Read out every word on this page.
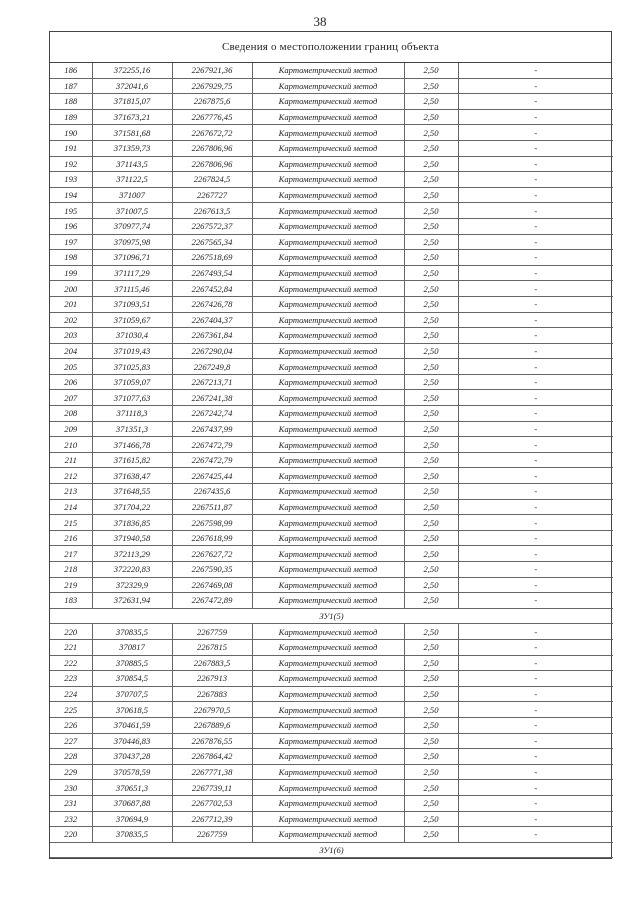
38
Сведения о местоположении границ объекта
186	372255,16	2267921,36	Картометрический метод	2,50	-
187	372041,6	2267929,75	Картометрический метод	2,50	-
188	371815,07	2267875,6	Картометрический метод	2,50	-
189	371673,21	2267776,45	Картометрический метод	2,50	-
190	371581,68	2267672,72	Картометрический метод	2,50	-
191	371359,73	2267806,96	Картометрический метод	2,50	-
192	371143,5	2267806,96	Картометрический метод	2,50	-
193	371122,5	2267824,5	Картометрический метод	2,50	-
194	371007	2267727	Картометрический метод	2,50	-
195	371007,5	2267613,5	Картометрический метод	2,50	-
196	370977,74	2267572,37	Картометрический метод	2,50	-
197	370975,98	2267565,34	Картометрический метод	2,50	-
198	371096,71	2267518,69	Картометрический метод	2,50	-
199	371117,29	2267493,54	Картометрический метод	2,50	-
200	371115,46	2267452,84	Картометрический метод	2,50	-
201	371093,51	2267426,78	Картометрический метод	2,50	-
202	371059,67	2267404,37	Картометрический метод	2,50	-
203	371030,4	2267361,84	Картометрический метод	2,50	-
204	371019,43	2267290,04	Картометрический метод	2,50	-
205	371025,83	2267249,8	Картометрический метод	2,50	-
206	371059,07	2267213,71	Картометрический метод	2,50	-
207	371077,63	2267241,38	Картометрический метод	2,50	-
208	371118,3	2267242,74	Картометрический метод	2,50	-
209	371351,3	2267437,99	Картометрический метод	2,50	-
210	371466,78	2267472,79	Картометрический метод	2,50	-
211	371615,82	2267472,79	Картометрический метод	2,50	-
212	371638,47	2267425,44	Картометрический метод	2,50	-
213	371648,55	2267435,6	Картометрический метод	2,50	-
214	371704,22	2267511,87	Картометрический метод	2,50	-
215	371836,85	2267598,99	Картометрический метод	2,50	-
216	371940,58	2267618,99	Картометрический метод	2,50	-
217	372113,29	2267627,72	Картометрический метод	2,50	-
218	372220,83	2267590,35	Картометрический метод	2,50	-
219	372329,9	2267469,08	Картометрический метод	2,50	-
183	372631,94	2267472,89	Картометрический метод	2,50	-
ЗУ1(5)					
220	370835,5	2267759	Картометрический метод	2,50	-
221	370817	2267815	Картометрический метод	2,50	-
222	370885,5	2267883,5	Картометрический метод	2,50	-
223	370854,5	2267913	Картометрический метод	2,50	-
224	370707,5	2267883	Картометрический метод	2,50	-
225	370618,5	2267970,5	Картометрический метод	2,50	-
226	370461,59	2267889,6	Картометрический метод	2,50	-
227	370446,83	2267876,55	Картометрический метод	2,50	-
228	370437,28	2267864,42	Картометрический метод	2,50	-
229	370578,59	2267771,38	Картометрический метод	2,50	-
230	370651,3	2267739,11	Картометрический метод	2,50	-
231	370687,88	2267702,53	Картометрический метод	2,50	-
232	370694,9	2267712,39	Картометрический метод	2,50	-
220	370835,5	2267759	Картометрический метод	2,50	-
ЗУ1(6)					
